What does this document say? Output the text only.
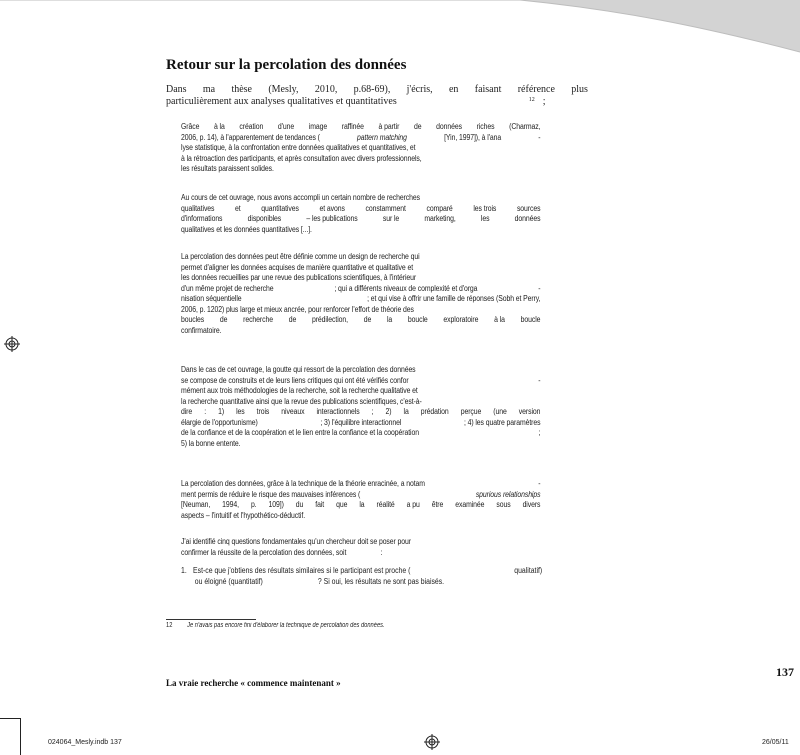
Retour sur la percolation des données
Dans ma thèse (Mesly, 2010, p.68-69), j'écris, en faisant référence plus
particulièrement aux analyses qualitatives et quantitatives	12 ;
Grâce à la création d'une image raffinée à partir de données riches (Charmaz,
2006, p. 14), à l'apparentement de tendances (	pattern matching	[Yin, 1997]), à l'ana	-
lyse statistique, à la confrontation entre données qualitatives et quantitatives, et
à la rétroaction des participants, et après consultation avec divers professionnels,
les résultats paraissent solides.
Au cours de cet ouvrage, nous avons accompli un certain nombre de recherches
qualitatives	et	quantitatives	et avons	constamment	comparé	les trois	sources
d'informations	disponibles	– les publications	sur le	marketing,	les	données
qualitatives et les données quantitatives [...].
La percolation des données peut être définie comme un design de recherche qui
permet d'aligner les données acquises de manière quantitative et qualitative et
les données recueillies par une revue des publications scientifiques, à l'intérieur
d'un même projet de recherche	; qui a différents niveaux de complexité et d'orga	-
nisation séquentielle	; et qui vise à offrir une famille de réponses (Sobh et Perry,
2006, p. 1202) plus large et mieux ancrée, pour renforcer l'effort de théorie des
boucles de recherche de prédilection, de la boucle exploratoire à la boucle
confirmatoire.
Dans le cas de cet ouvrage, la goutte qui ressort de la percolation des données
se compose de construits et de leurs liens critiques qui ont été vérifiés confor	-
mément aux trois méthodologies de la recherche, soit la recherche qualitative et
la recherche quantitative ainsi que la revue des publications scientifiques, c'est-à-
dire : 1) les trois niveaux interactionnels ; 2) la prédation perçue (une version
élargie de l'opportunisme)	; 3) l'équilibre interactionnel	; 4) les quatre paramètres
de la confiance et de la coopération et le lien entre la confiance et la coopération	;
5) la bonne entente.
La percolation des données, grâce à la technique de la théorie enracinée, a notam	-
ment permis de réduire le risque des mauvaises inférences (	spurious relationships
[Neuman, 1994, p. 109]) du fait que la réalité a pu être examinée sous divers
aspects – l'intuitif et l'hypothético-déductif.
J'ai identifié cinq questions fondamentales qu'un chercheur doit se poser pour
confirmer la réussite de la percolation des données, soit	:
1. Est-ce que j'obtiens des résultats similaires si le participant est proche (	qualitatif)
ou éloigné (quantitatif)	? Si oui, les résultats ne sont pas biaisés.
12 Je n'avais pas encore fini d'élaborer la technique de percolation des données.
137
La vraie recherche « commence maintenant »
024064_Mesly.indb 137	26/05/11
